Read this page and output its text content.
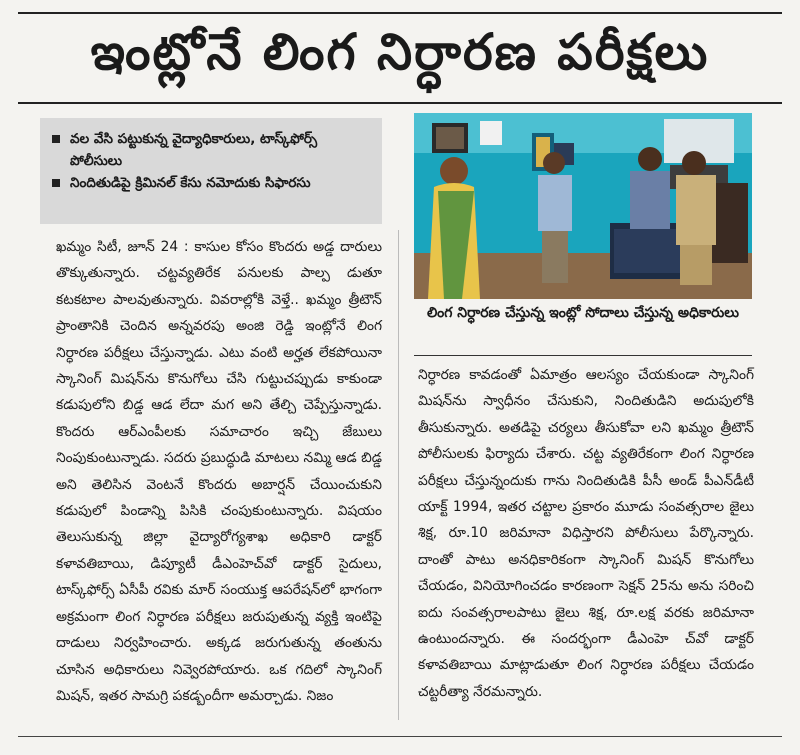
ఇంట్లోనే లింగ నిర్ధారణ పరీక్షలు
వల వేసి పట్టుకున్న వైద్యాధికారులు, టాస్క్‌ఫోర్స్ పోలీసులు
నిందితుడిపై క్రిమినల్ కేసు నమోదుకు సిఫారసు
లింగ నిర్ధారణ చేస్తున్న ఇంట్లో సోదాలు చేస్తున్న అధికారులు

ఖమ్మం సిటీ, జూన్ 24 : కాసుల కోసం కొందరు అడ్డ దారులు తొక్కుతున్నారు. చట్టవ్యతిరేక పనులకు పాల్ప డుతూ కటకటాల పాలవుతున్నారు. వివరాల్లోకి వెళ్తే.. ఖమ్మం త్రీటౌన్ ప్రాంతానికి చెందిన అన్నవరపు అంజి రెడ్డి ఇంట్లోనే లింగ నిర్ధారణ పరీక్షలు చేస్తున్నాడు. ఎటు వంటి అర్హత లేకపోయినా స్కానింగ్ మిషన్‌ను కొనుగోలు చేసి గుట్టుచప్పుడు కాకుండా కడుపులోని బిడ్డ ఆడ లేదా మగ అని తేల్చి చెప్పేస్తున్నాడు. కొందరు ఆర్ఎంపీలకు సమాచారం ఇచ్చి జేబులు నింపుకుంటున్నాడు. సదరు ప్రబుద్ధుడి మాటలు నమ్మి ఆడ బిడ్డ అని తెలిసిన వెంటనే కొందరు అబార్షన్ చేయించుకుని కడుపులో పిండాన్ని పిసికి చంపుకుంటున్నారు. విషయం తెలుసుకున్న జిల్లా వైద్యారోగ్యశాఖ అధికారి డాక్టర్ కళావతిబాయి, డిప్యూటీ డీఎంహెచ్‌వో డాక్టర్ సైదులు, టాస్క్‌ఫోర్స్ ఏసీపీ రవికు మార్ సంయుక్త ఆపరేషన్‌లో భాగంగా అక్రమంగా లింగ నిర్ధారణ పరీక్షలు జరుపుతున్న వ్యక్తి ఇంటిపై దాడులు నిర్వహించారు. అక్కడ జరుగుతున్న తంతును చూసిన అధికారులు నివ్వెరపోయారు. ఒక గదిలో స్కానింగ్ మిషన్, ఇతర సామగ్రి పకడ్బందీగా అమర్చాడు. నిజం

నిర్ధారణ కావడంతో ఏమాత్రం ఆలస్యం చేయకుండా స్కానింగ్ మిషన్‌ను స్వాధీనం చేసుకుని, నిందితుడిని అదుపులోకి తీసుకున్నారు. అతడిపై చర్యలు తీసుకోవా లని ఖమ్మం త్రీటౌన్ పోలీసులకు ఫిర్యాదు చేశారు. చట్ట వ్యతిరేకంగా లింగ నిర్ధారణ పరీక్షలు చేస్తున్నందుకు గాను నిందితుడికి పీసీ అండ్ పీఎన్‌డీటీ యాక్ట్ 1994, ఇతర చట్టాల ప్రకారం మూడు సంవత్సరాల జైలు శిక్ష, రూ.10 జరిమానా విధిస్తారని పోలీసులు పేర్కొన్నారు. దాంతో పాటు అనధికారికంగా స్కానింగ్ మిషన్ కొనుగోలు చేయడం, వినియోగించడం కారణంగా సెక్షన్ 25ను అను సరించి ఐదు సంవత్సరాలపాటు జైలు శిక్ష, రూ.లక్ష వరకు జరిమానా ఉంటుందన్నారు. ఈ సందర్భంగా డీఎంహె చ్‌వో డాక్టర్ కళావతిబాయి మాట్లాడుతూ లింగ నిర్ధారణ పరీక్షలు చేయడం చట్టరీత్యా నేరమన్నారు.
